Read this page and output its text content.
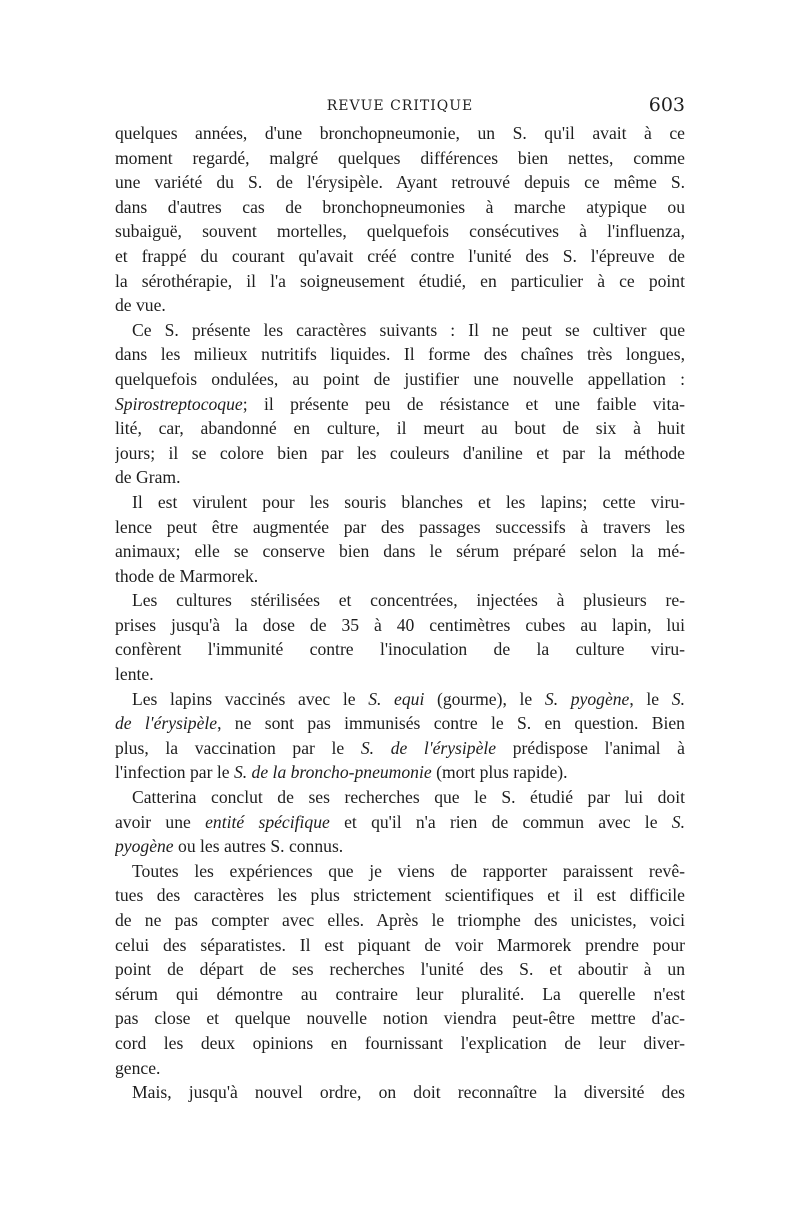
REVUE CRITIQUE	603
quelques années, d'une bronchopneumonie, un S. qu'il avait à ce
moment regardé, malgré quelques différences bien nettes, comme
une variété du S. de l'érysipèle. Ayant retrouvé depuis ce même S.
dans d'autres cas de bronchopneumonies à marche atypique ou
subaiguë, souvent mortelles, quelquefois consécutives à l'influenza,
et frappé du courant qu'avait créé contre l'unité des S. l'épreuve de
la sérothérapie, il l'a soigneusement étudié, en particulier à ce point
de vue.
Ce S. présente les caractères suivants : Il ne peut se cultiver que
dans les milieux nutritifs liquides. Il forme des chaînes très longues,
quelquefois ondulées, au point de justifier une nouvelle appellation :
Spirostreptocoque; il présente peu de résistance et une faible vita-
lité, car, abandonné en culture, il meurt au bout de six à huit
jours; il se colore bien par les couleurs d'aniline et par la méthode
de Gram.
Il est virulent pour les souris blanches et les lapins; cette viru-
lence peut être augmentée par des passages successifs à travers les
animaux; elle se conserve bien dans le sérum préparé selon la mé-
thode de Marmorek.
Les cultures stérilisées et concentrées, injectées à plusieurs re-
prises jusqu'à la dose de 35 à 40 centimètres cubes au lapin, lui
confèrent l'immunité contre l'inoculation de la culture viru-
lente.
Les lapins vaccinés avec le S. equi (gourme), le S. pyogène, le S.
de l'érysipèle, ne sont pas immunisés contre le S. en question. Bien
plus, la vaccination par le S. de l'érysipèle prédispose l'animal à
l'infection par le S. de la broncho-pneumonie (mort plus rapide).
Catterina conclut de ses recherches que le S. étudié par lui doit
avoir une entité spécifique et qu'il n'a rien de commun avec le S.
pyogène ou les autres S. connus.
Toutes les expériences que je viens de rapporter paraissent revê-
tues des caractères les plus strictement scientifiques et il est difficile
de ne pas compter avec elles. Après le triomphe des unicistes, voici
celui des séparatistes. Il est piquant de voir Marmorek prendre pour
point de départ de ses recherches l'unité des S. et aboutir à un
sérum qui démontre au contraire leur pluralité. La querelle n'est
pas close et quelque nouvelle notion viendra peut-être mettre d'ac-
cord les deux opinions en fournissant l'explication de leur diver-
gence.
Mais, jusqu'à nouvel ordre, on doit reconnaître la diversité des
